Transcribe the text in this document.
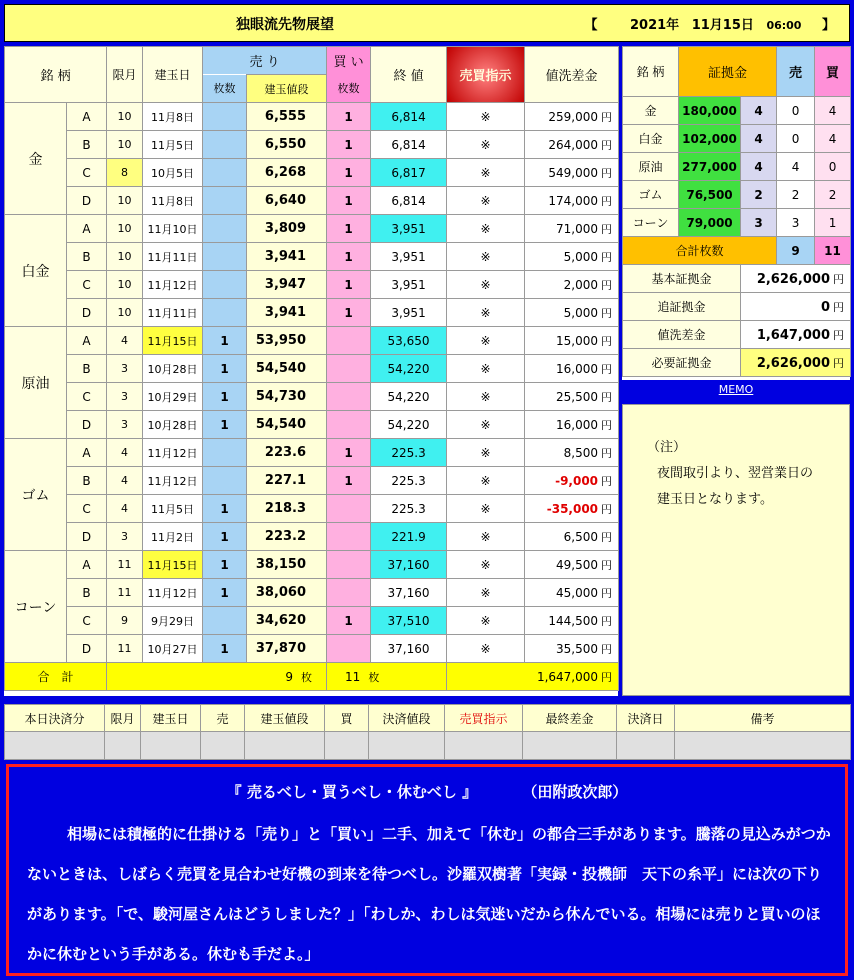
独眼流先物展望	【	2021年 11月15日 06:00 】
銘 柄		限月	建玉日	売 り		買 い	終 値	売買指示	値洗差金
				枚数	建玉値段	枚数			
金	A	10	11月8日		6,555	1	6,814	※	259,000 円
	B	10	11月5日		6,550	1	6,814	※	264,000 円
	C	8	10月5日		6,268	1	6,817	※	549,000 円
	D	10	11月8日		6,640	1	6,814	※	174,000 円
白金	A	10	11月10日		3,809	1	3,951	※	71,000 円
	B	10	11月11日		3,941	1	3,951	※	5,000 円
	C	10	11月12日		3,947	1	3,951	※	2,000 円
	D	10	11月11日		3,941	1	3,951	※	5,000 円
原油	A	4	11月15日	1	53,950		53,650	※	15,000 円
	B	3	10月28日	1	54,540		54,220	※	16,000 円
	C	3	10月29日	1	54,730		54,220	※	25,500 円
	D	3	10月28日	1	54,540		54,220	※	16,000 円
ゴム	A	4	11月12日		223.6	1	225.3	※	8,500 円
	B	4	11月12日		227.1	1	225.3	※	-9,000 円
	C	4	11月5日	1	218.3		225.3	※	-35,000 円
	D	3	11月2日	1	223.2		221.9	※	6,500 円
コーン	A	11	11月15日	1	38,150		37,160	※	49,500 円
	B	11	11月12日	1	38,060		37,160	※	45,000 円
	C	9	9月29日		34,620	1	37,510	※	144,500 円
	D	11	10月27日	1	37,870		37,160	※	35,500 円
合　計		9 枚				11 枚		1,647,000 円	
銘 柄	証拠金		売	買
金	180,000	4	0	4
白金	102,000	4	0	4
原油	277,000	4	4	0
ゴム	76,500	2	2	2
コーン	79,000	3	3	1
合計枚数			9	11
基本証拠金		2,626,000 円		
追証拠金		0 円		
値洗差金		1,647,000 円		
必要証拠金		2,626,000 円		
MEMO
（注）
夜間取引より、翌営業日の
建玉日となります。
本日決済分	限月	建玉日	売	建玉値段	買	決済値段	売買指示	最終差金	決済日	備考

『 売るべし・買うべし・休むべし 』	（田附政次郎）
相場には積極的に仕掛ける「売り」と「買い」二手、加えて「休む」の都合三手があります。騰落の見込みがつかないときは、しばらく売買を見合わせ好機の到来を待つべし。沙羅双樹著「実録・投機師　天下の糸平」には次の下りがあります。「で、駿河屋さんはどうしました？」「わしか、わしは気迷いだから休んでいる。相場には売りと買いのほかに休むという手がある。休むも手だよ。」
